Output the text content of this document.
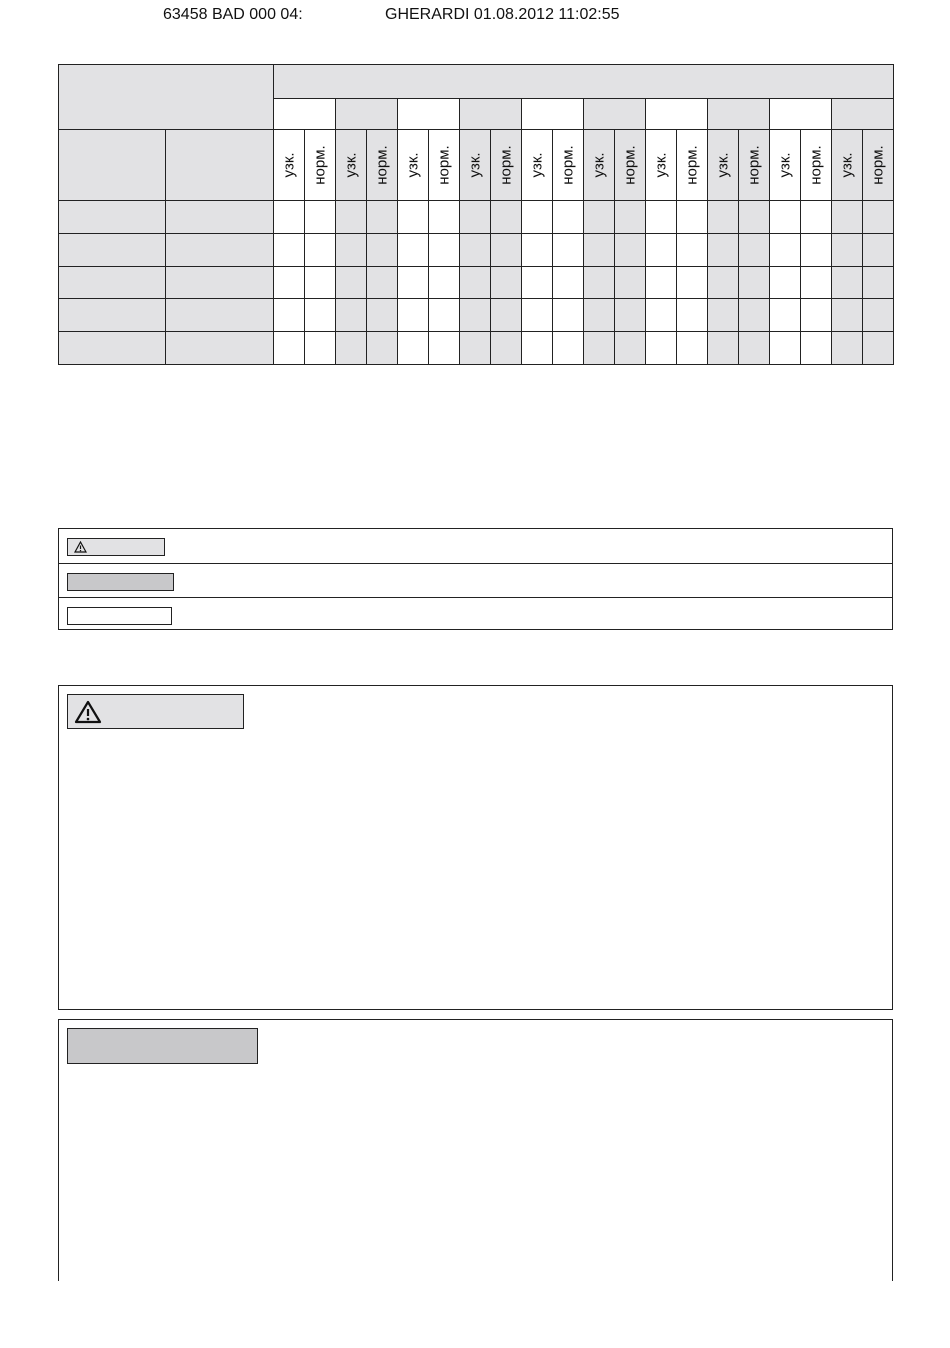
63458 BAD 000 04:	GHERARDI 01.08.2012 11:02:55
узк. норм. узк. норм. узк. норм. узк. норм. узк. норм. узк. норм. узк. норм. узк. норм. узк. норм. узк. норм.
